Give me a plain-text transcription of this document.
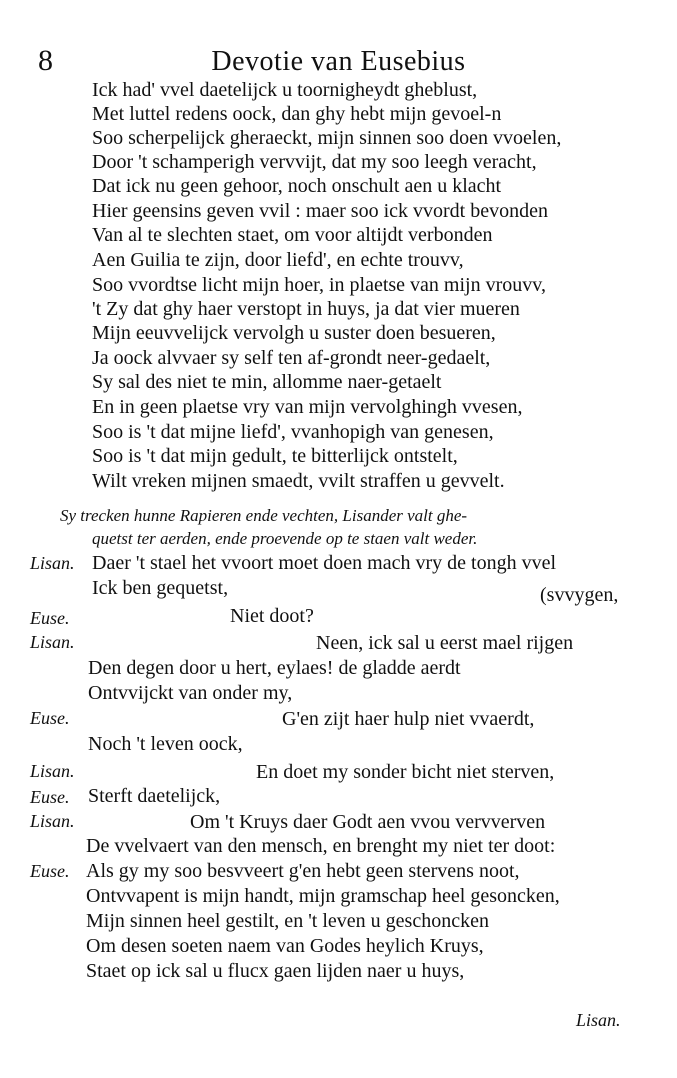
8	Devotie van Eusebius
Ick had' vvel daetelijck u toornigheydt gheblust,
Met luttel redens oock, dan ghy hebt mijn gevoel-n
Soo scherpelijck gheraeckt, mijn sinnen soo doen vvoelen,
Door 't schamperigh vervvijt, dat my soo leegh veracht,
Dat ick nu geen gehoor, noch onschult aen u klacht
Hier geensins geven vvil : maer soo ick vvordt bevonden
Van al te slechten staet, om voor altijdt verbonden
Aen Guilia te zijn, door liefd', en echte trouvv,
Soo vvordtse licht mijn hoer, in plaetse van mijn vrouvv,
't Zy dat ghy haer verstopt in huys, ja dat vier mueren
Mijn eeuvvelijck vervolgh u suster doen besueren,
Ja oock alvvaer sy self ten af-grondt neer-gedaelt,
Sy sal des niet te min, allomme naer-getaelt
En in geen plaetse vry van mijn vervolghingh vvesen,
Soo is 't dat mijne liefd', vvanhopigh van genesen,
Soo is 't dat mijn gedult, te bitterlijck ontstelt,
Wilt vreken mijnen smaedt, vvilt straffen u gevvelt.
Sy trecken hunne Rapieren ende vechten, Lisander valt ghe-
quetst ter aerden, ende proevende op te staen valt weder.
Lisan. Daer 't stael het vvoort moet doen mach vry de tongh vvel
Ick ben gequetst,	(svvygen,
Euse.	Niet doot?
Lisan.	Neen, ick sal u eerst mael rijgen
Den degen door u hert, eylaes! de gladde aerdt
Ontvvijckt van onder my,
Euse.	G'en zijt haer hulp niet vvaerdt,
Noch 't leven oock,
Lisan.	En doet my sonder bicht niet sterven,
Euse. Sterft daetelijck,
Lisan.	Om 't Kruys daer Godt aen vvou vervverven
De vvelvaert van den mensch, en brenght my niet ter doot:
Euse. Als gy my soo besvveert g'en hebt geen stervens noot,
Ontvvapent is mijn handt, mijn gramschap heel gesoncken,
Mijn sinnen heel gestilt, en 't leven u geschoncken
Om desen soeten naem van Godes heylich Kruys,
Staet op ick sal u flucx gaen lijden naer u huys,
Lisan.
